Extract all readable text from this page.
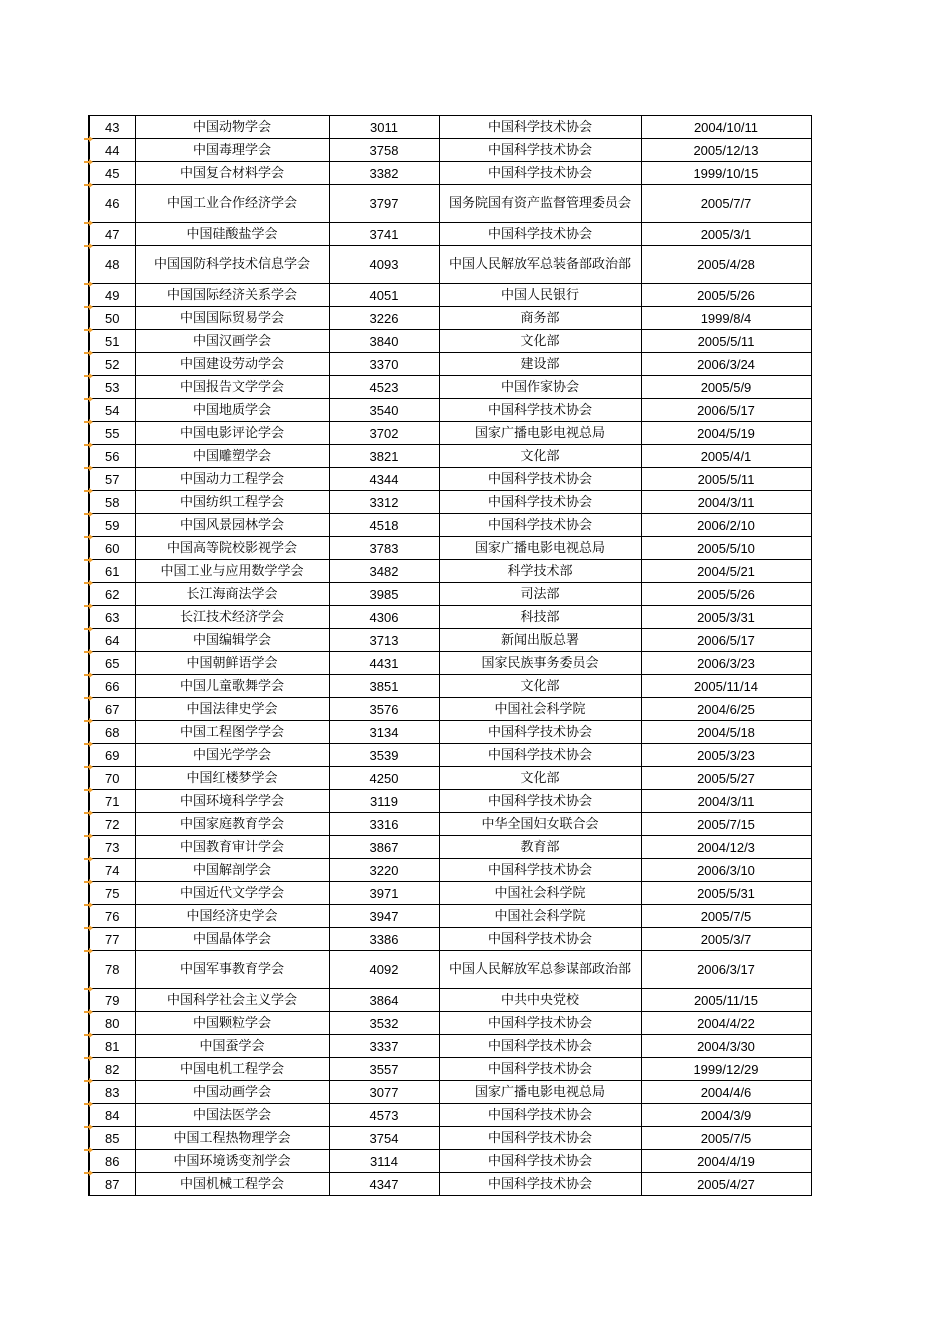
43	中国动物学会	3011	中国科学技术协会	2004/10/11
44	中国毒理学会	3758	中国科学技术协会	2005/12/13
45	中国复合材料学会	3382	中国科学技术协会	1999/10/15
46	中国工业合作经济学会	3797	国务院国有资产监督管理委员会	2005/7/7
47	中国硅酸盐学会	3741	中国科学技术协会	2005/3/1
48	中国国防科学技术信息学会	4093	中国人民解放军总装备部政治部	2005/4/28
49	中国国际经济关系学会	4051	中国人民银行	2005/5/26
50	中国国际贸易学会	3226	商务部	1999/8/4
51	中国汉画学会	3840	文化部	2005/5/11
52	中国建设劳动学会	3370	建设部	2006/3/24
53	中国报告文学学会	4523	中国作家协会	2005/5/9
54	中国地质学会	3540	中国科学技术协会	2006/5/17
55	中国电影评论学会	3702	国家广播电影电视总局	2004/5/19
56	中国雕塑学会	3821	文化部	2005/4/1
57	中国动力工程学会	4344	中国科学技术协会	2005/5/11
58	中国纺织工程学会	3312	中国科学技术协会	2004/3/11
59	中国风景园林学会	4518	中国科学技术协会	2006/2/10
60	中国高等院校影视学会	3783	国家广播电影电视总局	2005/5/10
61	中国工业与应用数学学会	3482	科学技术部	2004/5/21
62	长江海商法学会	3985	司法部	2005/5/26
63	长江技术经济学会	4306	科技部	2005/3/31
64	中国编辑学会	3713	新闻出版总署	2006/5/17
65	中国朝鲜语学会	4431	国家民族事务委员会	2006/3/23
66	中国儿童歌舞学会	3851	文化部	2005/11/14
67	中国法律史学会	3576	中国社会科学院	2004/6/25
68	中国工程图学学会	3134	中国科学技术协会	2004/5/18
69	中国光学学会	3539	中国科学技术协会	2005/3/23
70	中国红楼梦学会	4250	文化部	2005/5/27
71	中国环境科学学会	3119	中国科学技术协会	2004/3/11
72	中国家庭教育学会	3316	中华全国妇女联合会	2005/7/15
73	中国教育审计学会	3867	教育部	2004/12/3
74	中国解剖学会	3220	中国科学技术协会	2006/3/10
75	中国近代文学学会	3971	中国社会科学院	2005/5/31
76	中国经济史学会	3947	中国社会科学院	2005/7/5
77	中国晶体学会	3386	中国科学技术协会	2005/3/7
78	中国军事教育学会	4092	中国人民解放军总参谋部政治部	2006/3/17
79	中国科学社会主义学会	3864	中共中央党校	2005/11/15
80	中国颗粒学会	3532	中国科学技术协会	2004/4/22
81	中国蚕学会	3337	中国科学技术协会	2004/3/30
82	中国电机工程学会	3557	中国科学技术协会	1999/12/29
83	中国动画学会	3077	国家广播电影电视总局	2004/4/6
84	中国法医学会	4573	中国科学技术协会	2004/3/9
85	中国工程热物理学会	3754	中国科学技术协会	2005/7/5
86	中国环境诱变剂学会	3114	中国科学技术协会	2004/4/19
87	中国机械工程学会	4347	中国科学技术协会	2005/4/27
